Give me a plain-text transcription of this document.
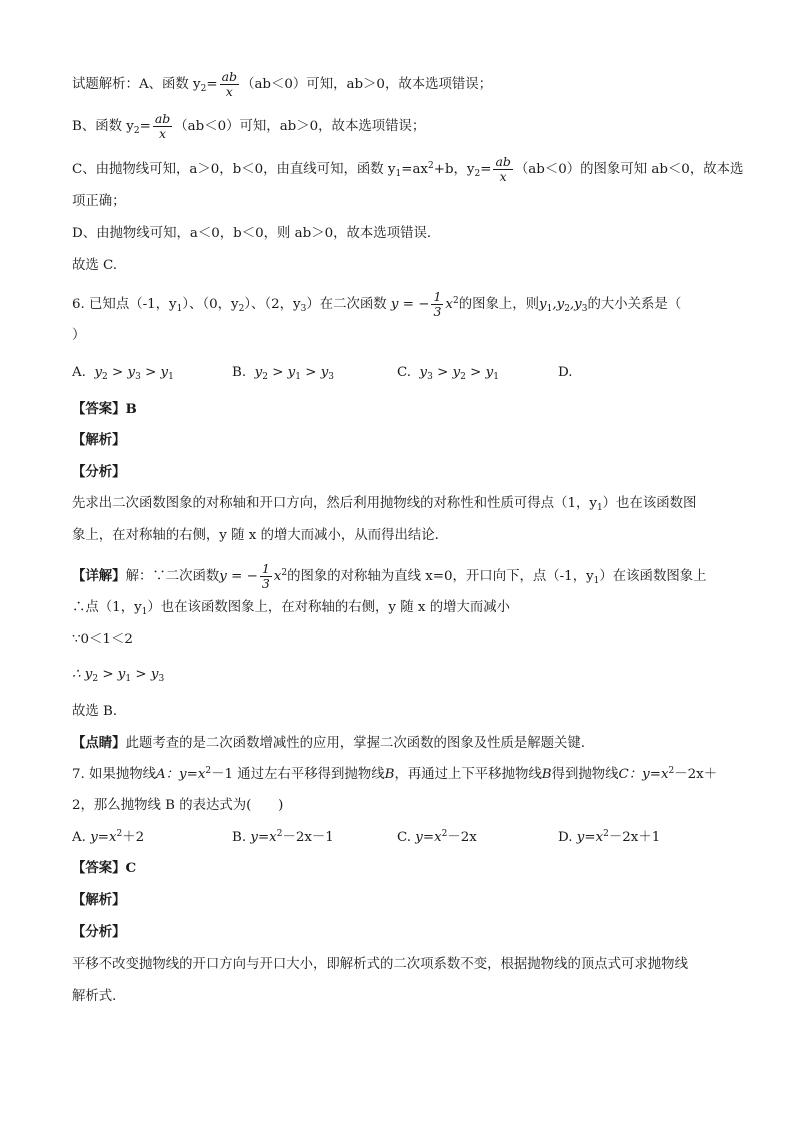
试题解析：A、函数 $y_2= \frac{ab}{x} (ab<0)$可知，ab＞0，故本选项错误；
B、函数 $y_2= \frac{ab}{x} (ab<0)$可知，ab＞0，故本选项错误；
C、由抛物线可知，a＞0，b＜0，由直线可知，函数 $y_1=ax^2+b$，$y_2= \frac{ab}{x} (ab<0)$的图象可知 ab＜0，故本选
项正确；
D、由抛物线可知，a＜0，b＜0，则 ab＞0，故本选项错误．
故选 C.
6. 已知点（-1，$y_1$）、（0，$y_2$）、（2，$y_3$）在二次函数 y = − $\frac{1}{3} x^2$的图象上，则$y_1,y_2,y_3$的大小关系是（
）
A. $y_2 > y_3 > y_1$	B. $y_2 > y_1 > y_3$	C. $y_3 > y_2 > y_1$	D.
【答案】B
【解析】
【分析】
先求出二次函数图象的对称轴和开口方向，然后利用抛物线的对称性和性质可得点（1，$y_1$）也在该函数图
象上，在对称轴的右侧，y 随 x 的增大而减小，从而得出结论．
【详解】解：∵二次函数y = − $\frac{1}{3} x^2$的图象的对称轴为直线 x=0，开口向下，点（-1，$y_1$）在该函数图象上
∴点（1，$y_1$）也在该函数图象上，在对称轴的右侧，y 随 x 的增大而减小
∵0＜1＜2
∴ $y_2 > y_1 > y_3$
故选 B．
【点睛】此题考查的是二次函数增减性的应用，掌握二次函数的图象及性质是解题关键．
7. 如果抛物线A：$y=x^2-1$ 通过左右平移得到抛物线B，再通过上下平移抛物线B得到抛物线C：$y=x^2-2x+$
2，那么抛物线 B 的表达式为(　　)
A. $y=x^2+2$	B. $y=x^2-2x-1$	C. $y=x^2-2x$	D. $y=x^2-2x+1$
【答案】C
【解析】
【分析】
平移不改变抛物线的开口方向与开口大小，即解析式的二次项系数不变，根据抛物线的顶点式可求抛物线
解析式．
